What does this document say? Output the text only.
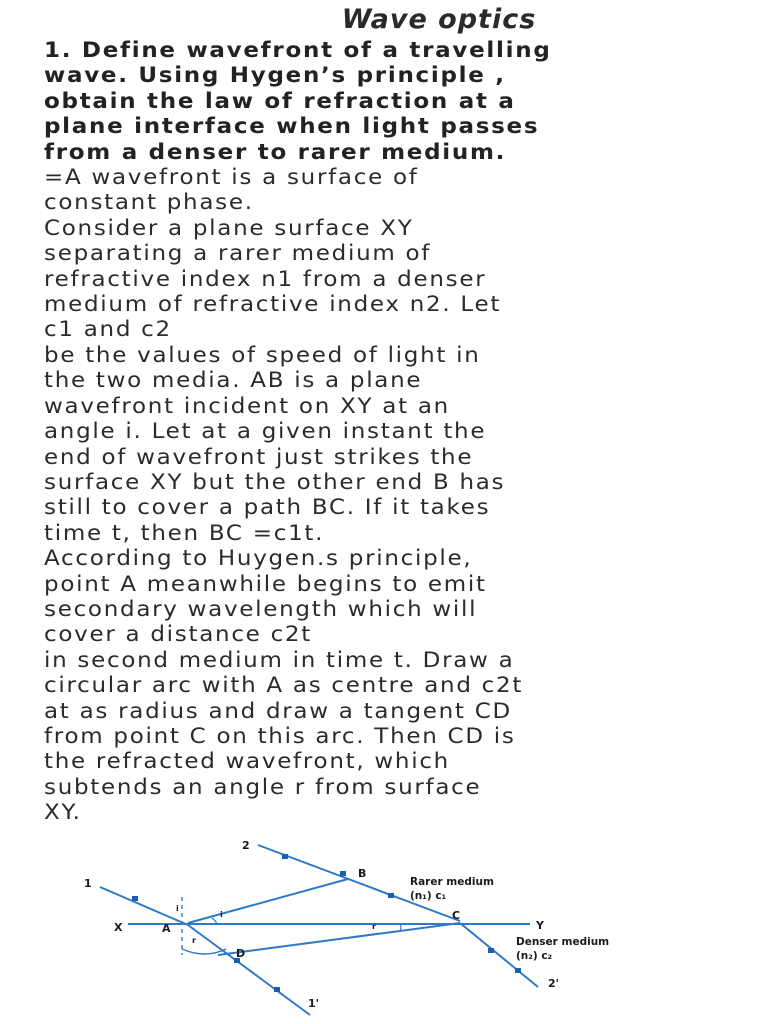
Wave optics

1. Define wavefront of a travelling
wave. Using Hygen’s principle ,
obtain the law of refraction at a
plane interface when light passes
from a denser to rarer medium.

=A wavefront is a surface of
constant phase.

Consider a plane surface XY
separating a rarer medium of
refractive index n1 from a denser
medium of refractive index n2. Let
c1 and c2

be the values of speed of light in
the two media. AB is a plane
wavefront incident on XY at an
angle i. Let at a given instant the
end of wavefront just strikes the
surface XY but the other end B has
still to cover a path BC. If it takes
time t, then BC =c1t.

According to Huygen.s principle,
point A meanwhile begins to emit
secondary wavelength which will
cover a distance c2t

in second medium in time t. Draw a
circular arc with A as centre and c2t
at as radius and draw a tangent CD
from point C on this arc. Then CD is
the refracted wavefront, which
subtends an angle r from surface
XY.

1
2
1'
2'
X	Y
A
B
C
D
i
i
r
r
Rarer medium
(n₁) c₁
Denser medium
(n₂) c₂
